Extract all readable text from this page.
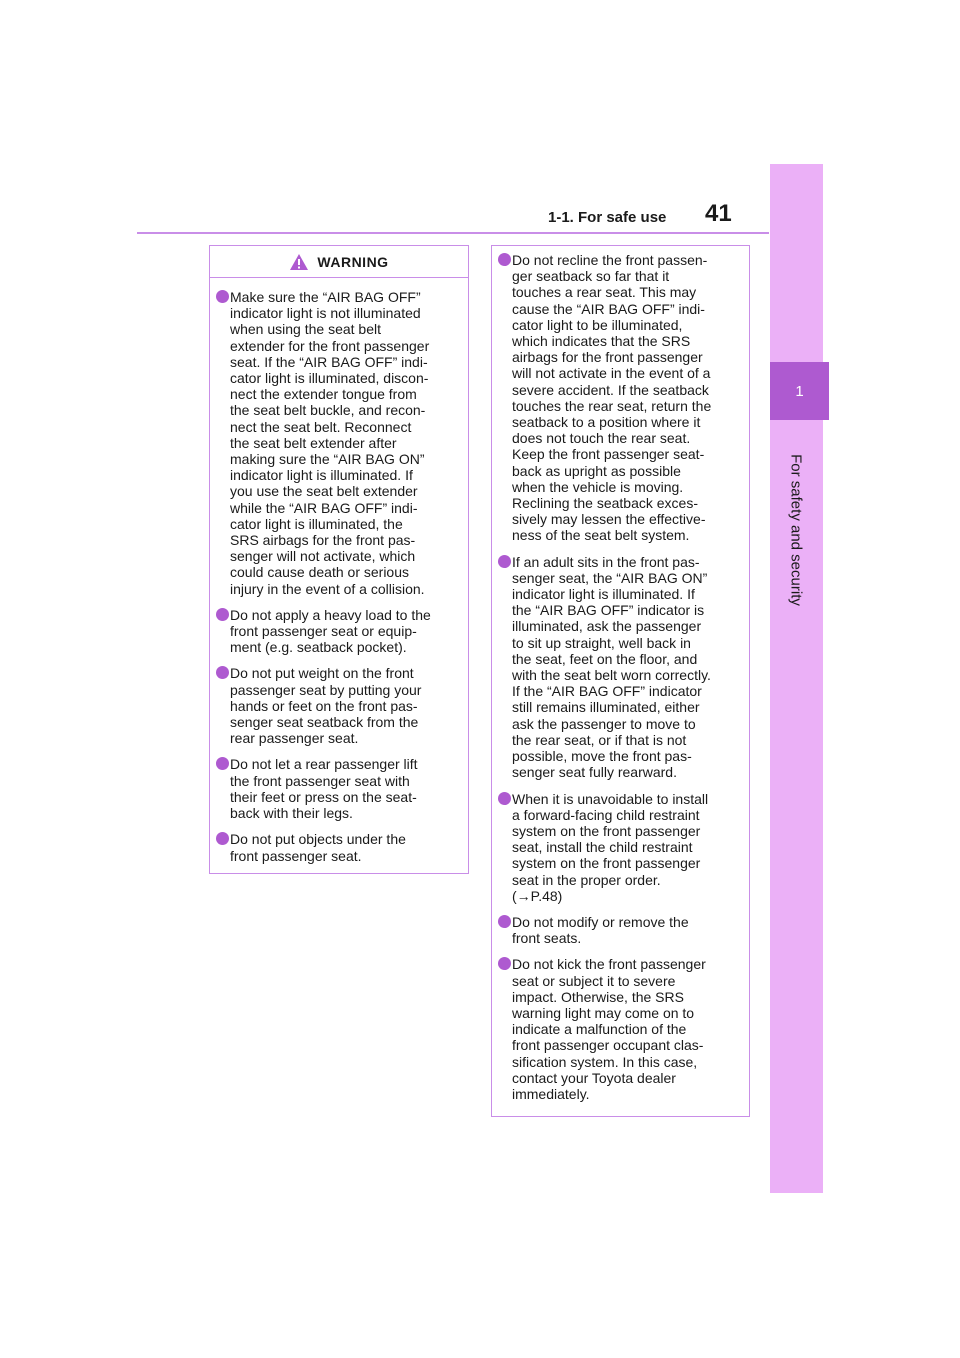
1-1. For safe use 41
1
For safety and security
WARNING
Make sure the “AIR BAG OFF”
indicator light is not illuminated
when using the seat belt
extender for the front passenger
seat. If the “AIR BAG OFF” indi-
cator light is illuminated, discon-
nect the extender tongue from
the seat belt buckle, and recon-
nect the seat belt. Reconnect
the seat belt extender after
making sure the “AIR BAG ON”
indicator light is illuminated. If
you use the seat belt extender
while the “AIR BAG OFF” indi-
cator light is illuminated, the
SRS airbags for the front pas-
senger will not activate, which
could cause death or serious
injury in the event of a collision.
Do not apply a heavy load to the
front passenger seat or equip-
ment (e.g. seatback pocket).
Do not put weight on the front
passenger seat by putting your
hands or feet on the front pas-
senger seat seatback from the
rear passenger seat.
Do not let a rear passenger lift
the front passenger seat with
their feet or press on the seat-
back with their legs.
Do not put objects under the
front passenger seat.
Do not recline the front passen-
ger seatback so far that it
touches a rear seat. This may
cause the “AIR BAG OFF” indi-
cator light to be illuminated,
which indicates that the SRS
airbags for the front passenger
will not activate in the event of a
severe accident. If the seatback
touches the rear seat, return the
seatback to a position where it
does not touch the rear seat.
Keep the front passenger seat-
back as upright as possible
when the vehicle is moving.
Reclining the seatback exces-
sively may lessen the effective-
ness of the seat belt system.
If an adult sits in the front pas-
senger seat, the “AIR BAG ON”
indicator light is illuminated. If
the “AIR BAG OFF” indicator is
illuminated, ask the passenger
to sit up straight, well back in
the seat, feet on the floor, and
with the seat belt worn correctly.
If the “AIR BAG OFF” indicator
still remains illuminated, either
ask the passenger to move to
the rear seat, or if that is not
possible, move the front pas-
senger seat fully rearward.
When it is unavoidable to install
a forward-facing child restraint
system on the front passenger
seat, install the child restraint
system on the front passenger
seat in the proper order.
(→P.48)
Do not modify or remove the
front seats.
Do not kick the front passenger
seat or subject it to severe
impact. Otherwise, the SRS
warning light may come on to
indicate a malfunction of the
front passenger occupant clas-
sification system. In this case,
contact your Toyota dealer
immediately.
